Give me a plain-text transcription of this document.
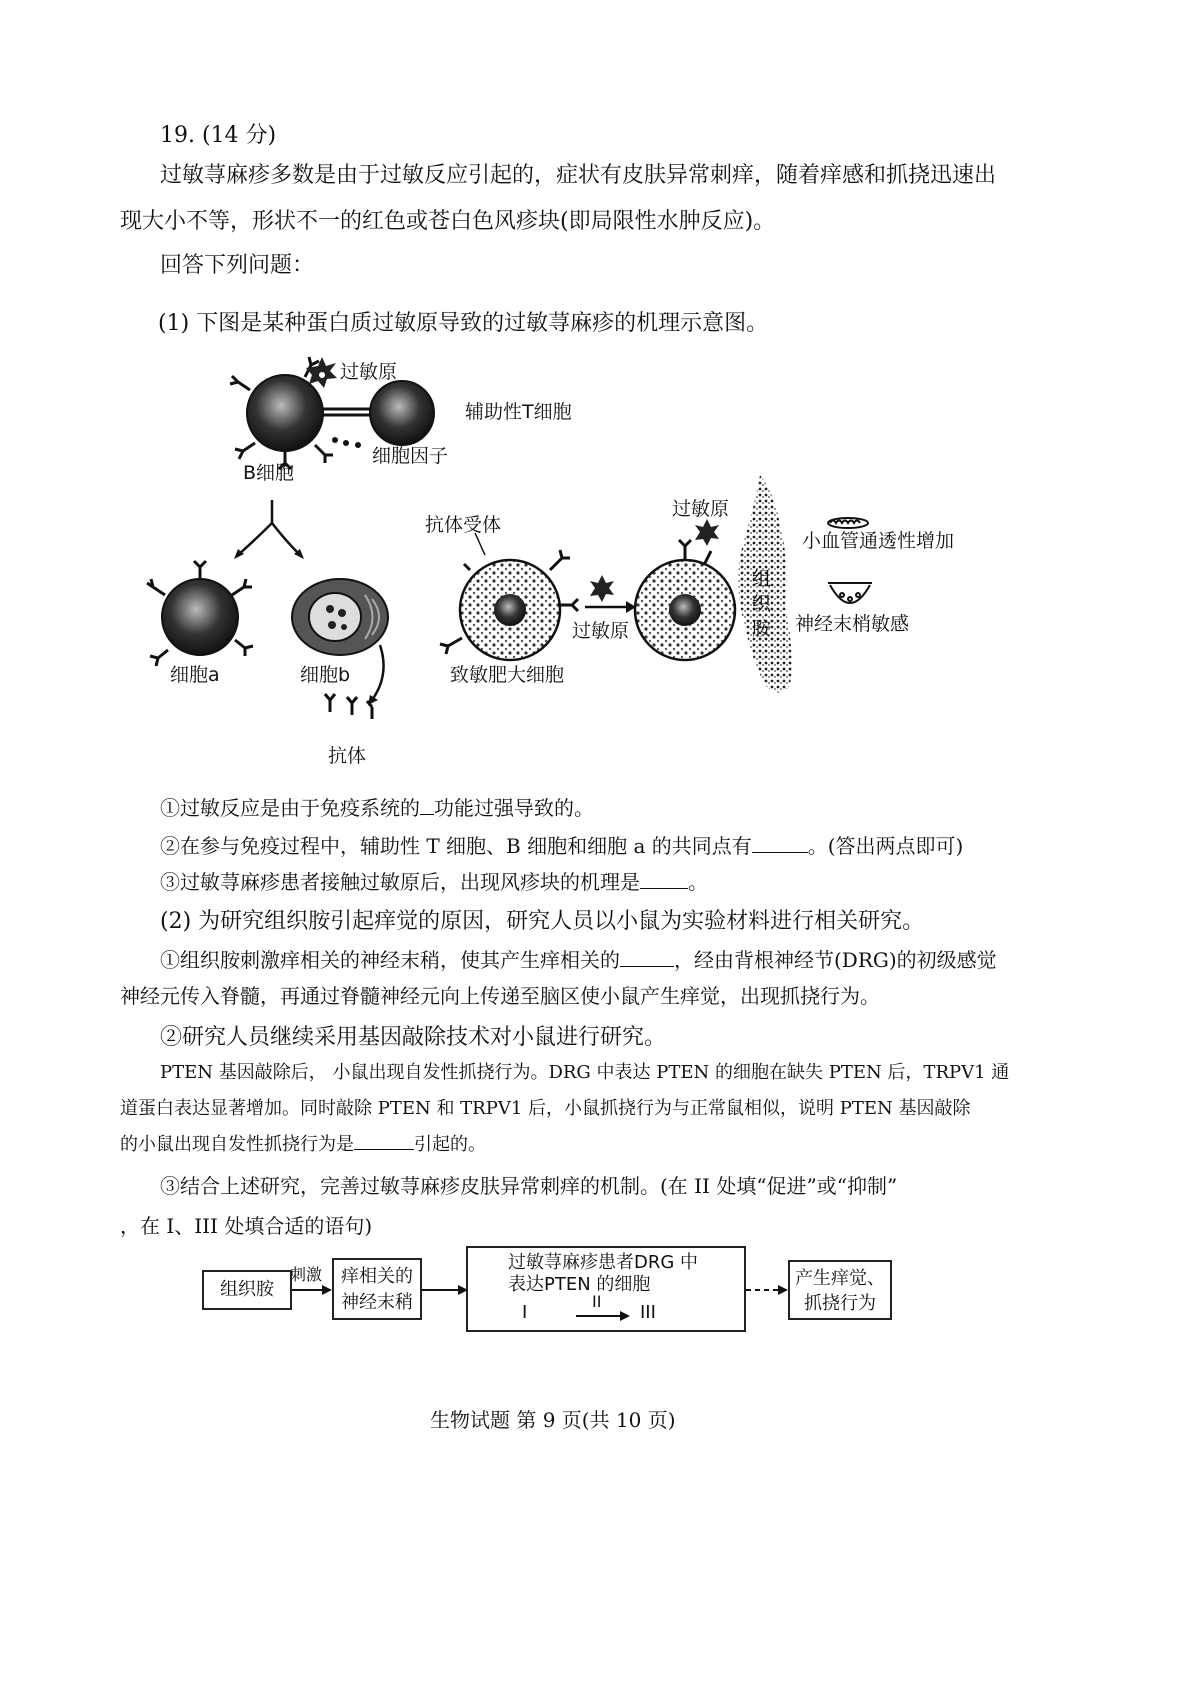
19. (14 分)
过敏荨麻疹多数是由于过敏反应引起的，症状有皮肤异常刺痒，随着痒感和抓挠迅速出
现大小不等，形状不一的红色或苍白色风疹块(即局限性水肿反应)。
回答下列问题：
(1) 下图是某种蛋白质过敏原导致的过敏荨麻疹的机理示意图。
过敏原
辅助性T细胞
细胞因子
B细胞
细胞a	细胞b
抗体
抗体受体
致敏肥大细胞
过敏原
过敏原
组
织
胺
小血管通透性增加
神经末梢敏感
①过敏反应是由于免疫系统的 功能过强导致的。
②在参与免疫过程中，辅助性 T 细胞、B 细胞和细胞 a 的共同点有	。(答出两点即可)
③过敏荨麻疹患者接触过敏原后，出现风疹块的机理是 。
(2) 为研究组织胺引起痒觉的原因，研究人员以小鼠为实验材料进行相关研究。
①组织胺刺激痒相关的神经末稍，使其产生痒相关的	，经由背根神经节(DRG)的初级感觉
神经元传入脊髓，再通过脊髓神经元向上传递至脑区使小鼠产生痒觉，出现抓挠行为。
②研究人员继续采用基因敲除技术对小鼠进行研究。
PTEN 基因敲除后， 小鼠出现自发性抓挠行为。DRG 中表达 PTEN 的细胞在缺失 PTEN 后，TRPV1 通
道蛋白表达显著增加。同时敲除 PTEN 和 TRPV1 后，小鼠抓挠行为与正常鼠相似，说明 PTEN 基因敲除
的小鼠出现自发性抓挠行为是	引起的。
③结合上述研究，完善过敏荨麻疹皮肤异常刺痒的机制。(在 II 处填“促进”或“抑制”
，在 I、III 处填合适的语句)
组织胺
刺激	痒相关的
神经末稍
过敏荨麻疹患者DRG 中
表达PTEN 的细胞
I
II
III
产生痒觉、
抓挠行为
生物试题 第 9 页(共 10 页)
